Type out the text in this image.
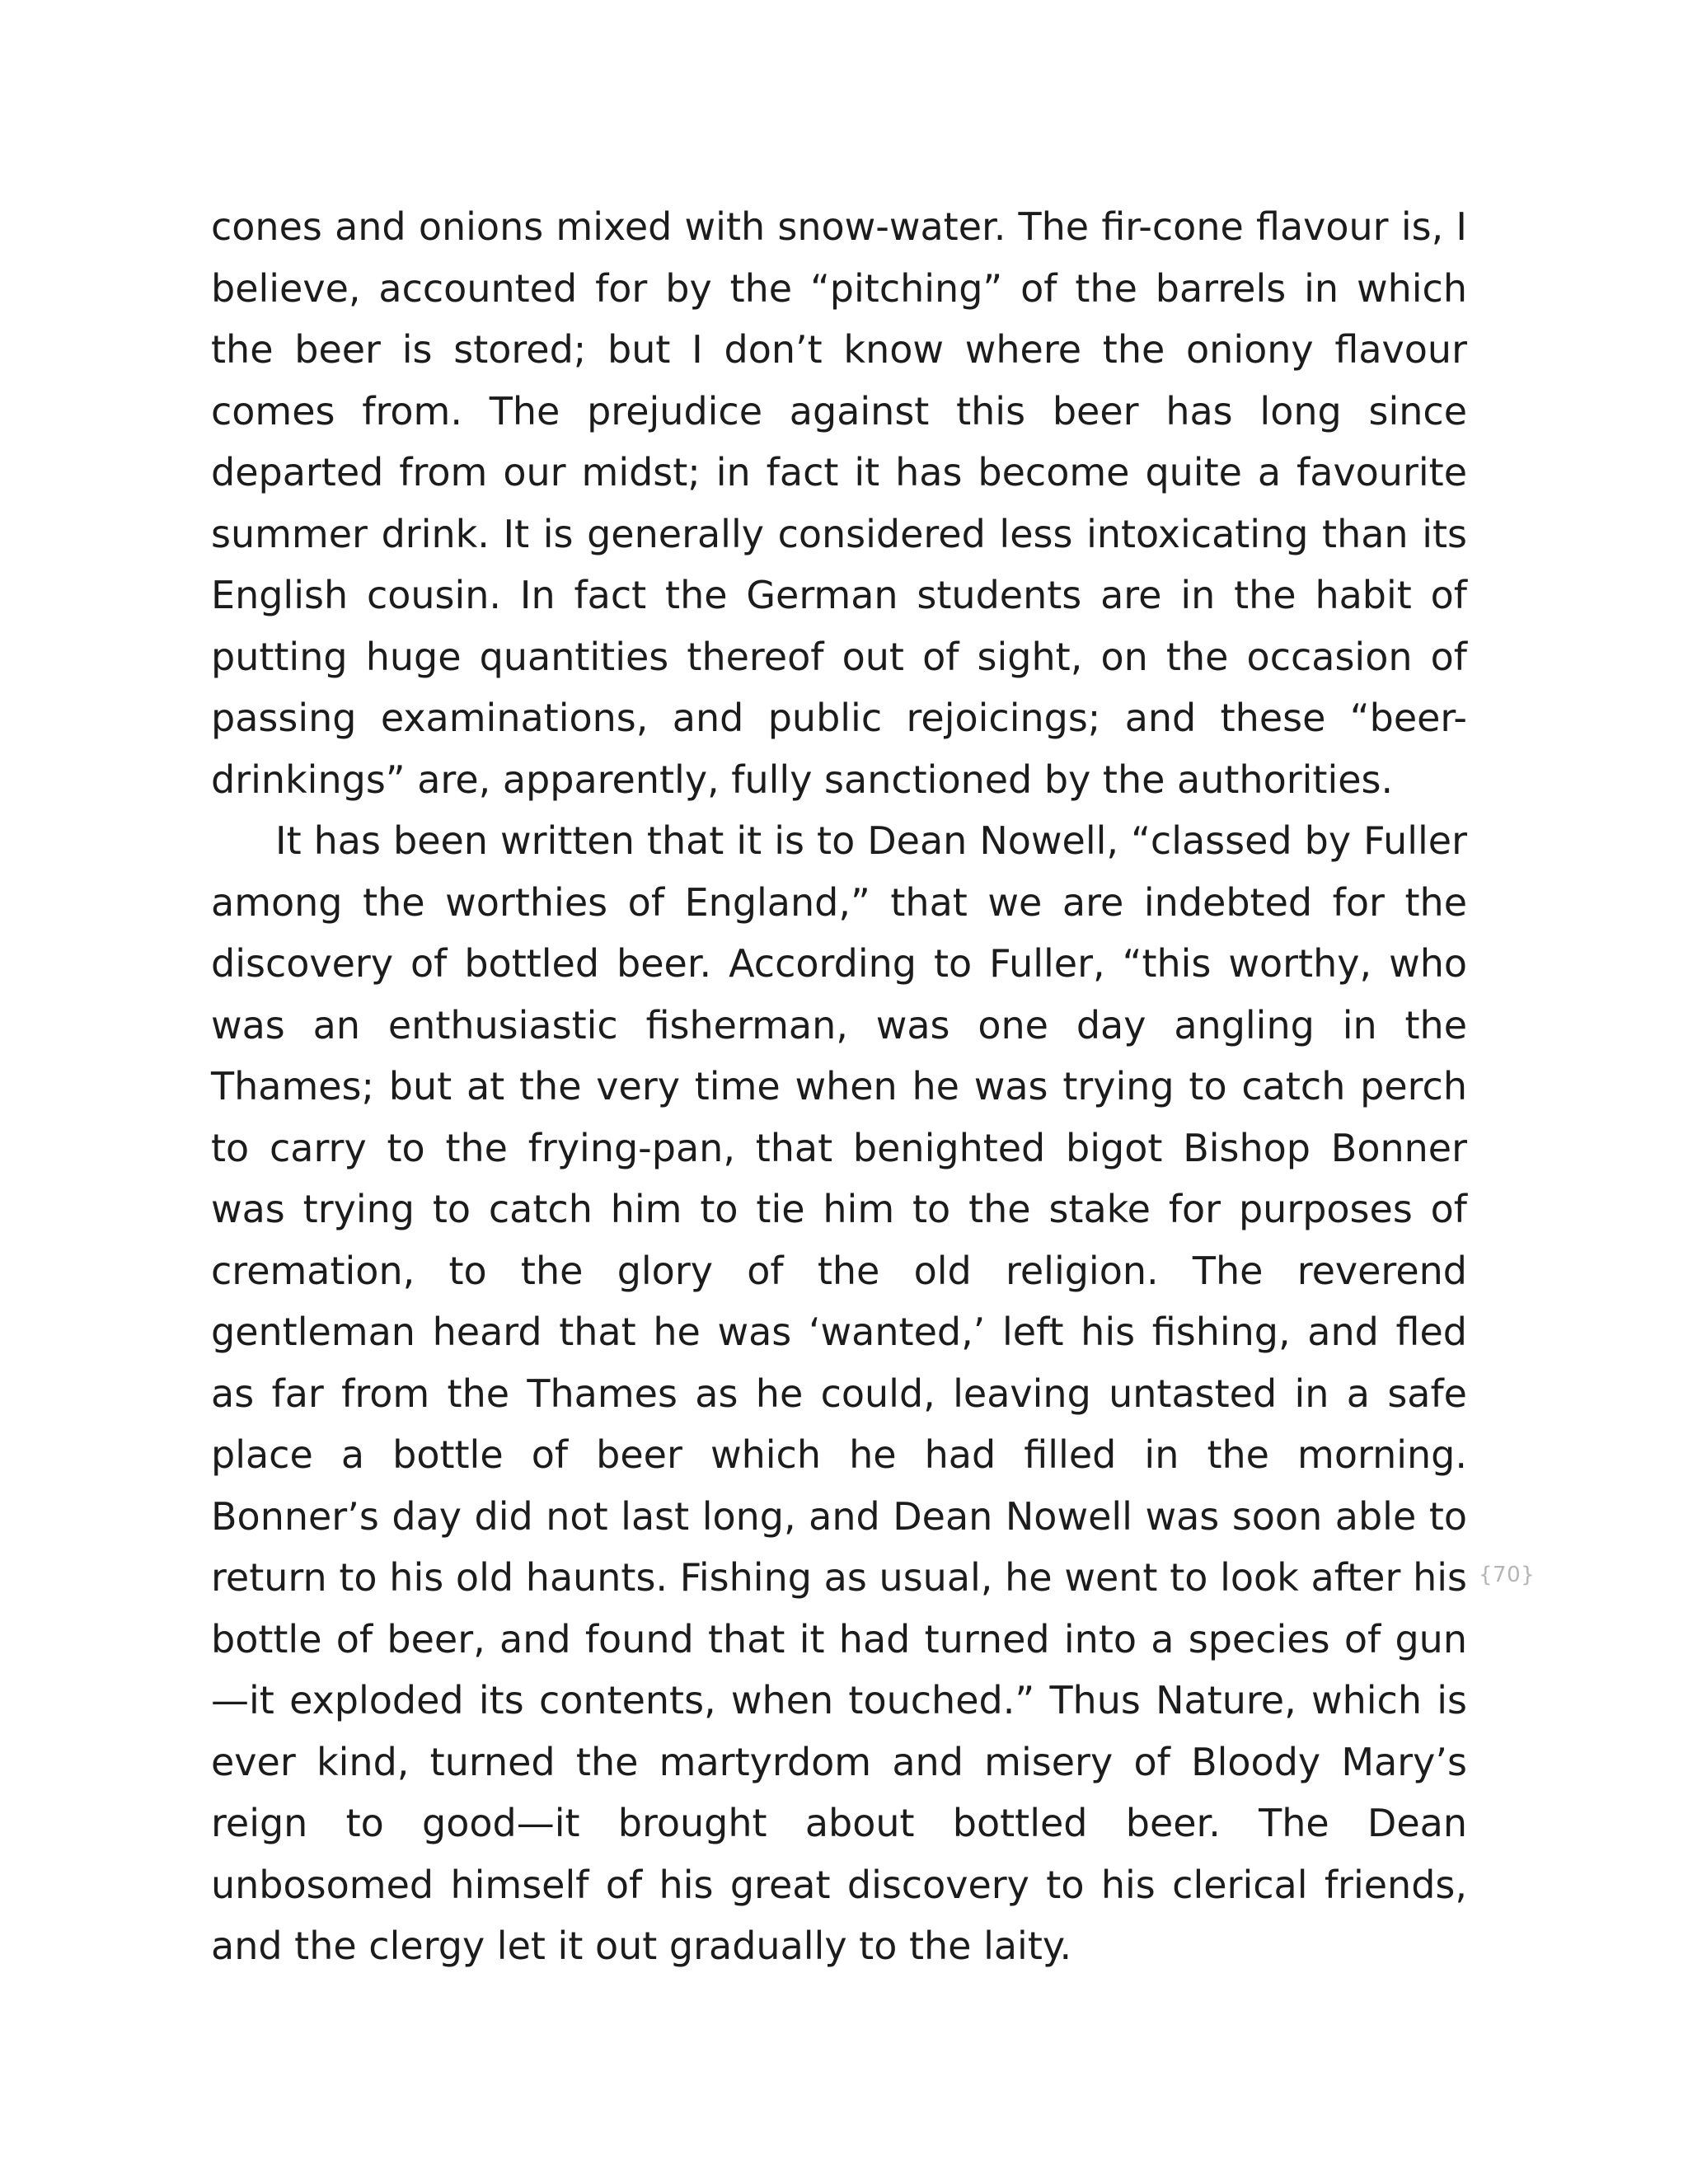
cones and onions mixed with snow-water. The fir-cone flavour is, I believe, accounted for by the “pitching” of the barrels in which the beer is stored; but I don’t know where the oniony flavour comes from. The prejudice against this beer has long since departed from our midst; in fact it has become quite a favourite summer drink. It is generally considered less intoxicating than its English cousin. In fact the German students are in the habit of putting huge quantities thereof out of sight, on the occasion of passing examinations, and public rejoicings; and these “beer-drinkings” are, apparently, fully sanctioned by the authorities.

It has been written that it is to Dean Nowell, “classed by Fuller among the worthies of England,” that we are indebted for the discovery of bottled beer. According to Fuller, “this worthy, who was an enthusiastic fisherman, was one day angling in the Thames; but at the very time when he was trying to catch perch to carry to the frying-pan, that benighted bigot Bishop Bonner was trying to catch him to tie him to the stake for purposes of cremation, to the glory of the old religion. The reverend gentleman heard that he was ‘wanted,’ left his fishing, and fled as far from the Thames as he could, leaving untasted in a safe place a bottle of beer which he had filled in the morning. Bonner’s day did not last long, and Dean Nowell was soon able to return to his old haunts. Fishing as usual, he went to look after his bottle of beer, and found that it had turned into a species of gun—it exploded its contents, when touched.” Thus Nature, which is ever kind, turned the martyrdom and misery of Bloody Mary’s reign to good—it brought about bottled beer. The Dean unbosomed himself of his great discovery to his clerical friends, and the clergy let it out gradually to the laity.

{70}
